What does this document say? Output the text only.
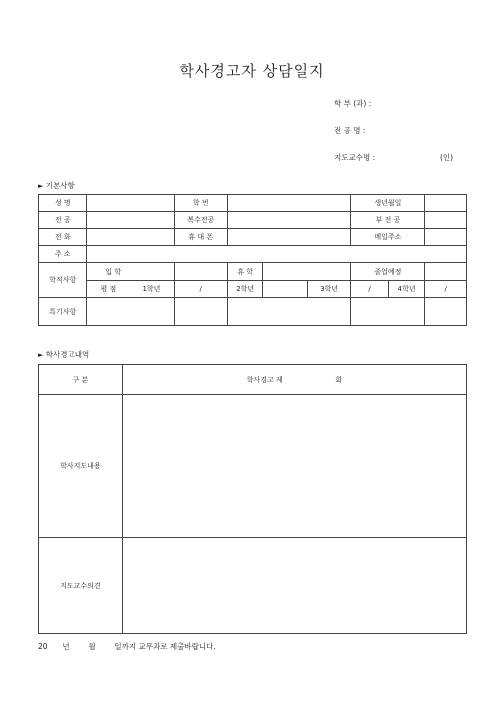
학사경고자 상담일지
학 부 (과) :
전 공 명 :
지도교수명 :	(인)
► 기본사항
성 명		학 번				생년월일		
전 공		복수전공				부 전 공		
전 화		휴 대 폰				메일주소		
주 소								
학적사항	입 학		휴 학			졸업예정		

	평 점 1학년	/	2학년		3학년	/	4학년	/
특기사항								
► 학사경고내역
구 분	학사경고 제 회
학사지도내용	
지도교수의견	
20 년	월	일까지 교무과로 제출바랍니다.
